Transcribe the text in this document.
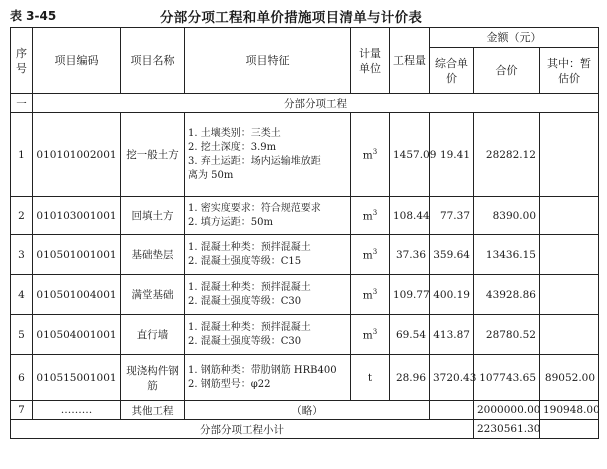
表 3-45	分部分项工程和单价措施项目清单与计价表
序号	项目编码	项目名称	项目特征	计量单位	工程量	金额（元）		
						综合单价	合价	其中：暂估价
一	分部分项工程							
1	010101002001	挖一般土方	1. 土壤类别：三类土
2. 挖土深度：3.9m
3. 弃土运距：场内运输堆放距
离为 50m	$m^3$	1457.09	19.41	28282.12	
2	010103001001	回填土方	1. 密实度要求：符合规范要求
2. 填方运距：50m	$m^3$	108.44	77.37	8390.00	
3	010501001001	基础垫层	1. 混凝土种类：预拌混凝土
2. 混凝土强度等级：C15	$m^3$	37.36	359.64	13436.15	
4	010501004001	满堂基础	1. 混凝土种类：预拌混凝土
2. 混凝土强度等级：C30	$m^3$	109.77	400.19	43928.86	
5	010504001001	直行墙	1. 混凝土种类：预拌混凝土
2. 混凝土强度等级：C30	$m^3$	69.54	413.87	28780.52	
6	010515001001	现浇构件钢筋	1. 钢筋种类：带肋钢筋 HRB400
2. 钢筋型号：φ22	t	28.96	3720.43	107743.65	89052.00
7	………	其他工程	（略）				2000000.00	190948.00
分部分项工程小计							2230561.30	
